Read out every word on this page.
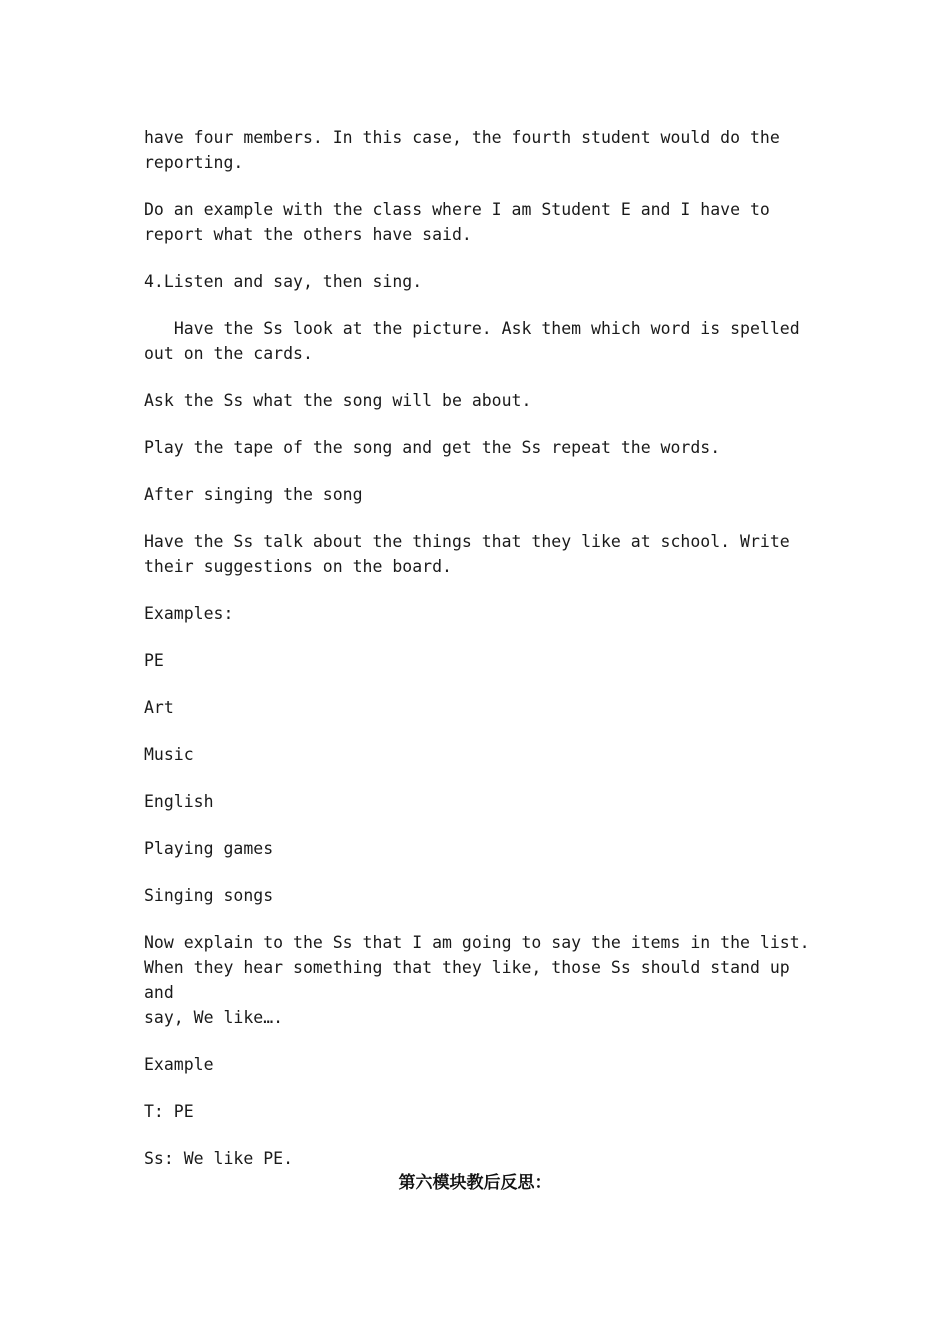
have four members. In this case, the fourth student would do the
reporting.

Do an example with the class where I am Student E and I have to
report what the others have said.

4.Listen and say, then sing.

Have the Ss look at the picture. Ask them which word is spelled
out on the cards.

Ask the Ss what the song will be about.

Play the tape of the song and get the Ss repeat the words.

After singing the song

Have the Ss talk about the things that they like at school. Write
their suggestions on the board.

Examples:

PE

Art

Music

English

Playing games

Singing songs

Now explain to the Ss that I am going to say the items in the list.
When they hear something that they like, those Ss should stand up and
say, We like….

Example

T: PE

Ss: We like PE.

第六模块教后反思：
